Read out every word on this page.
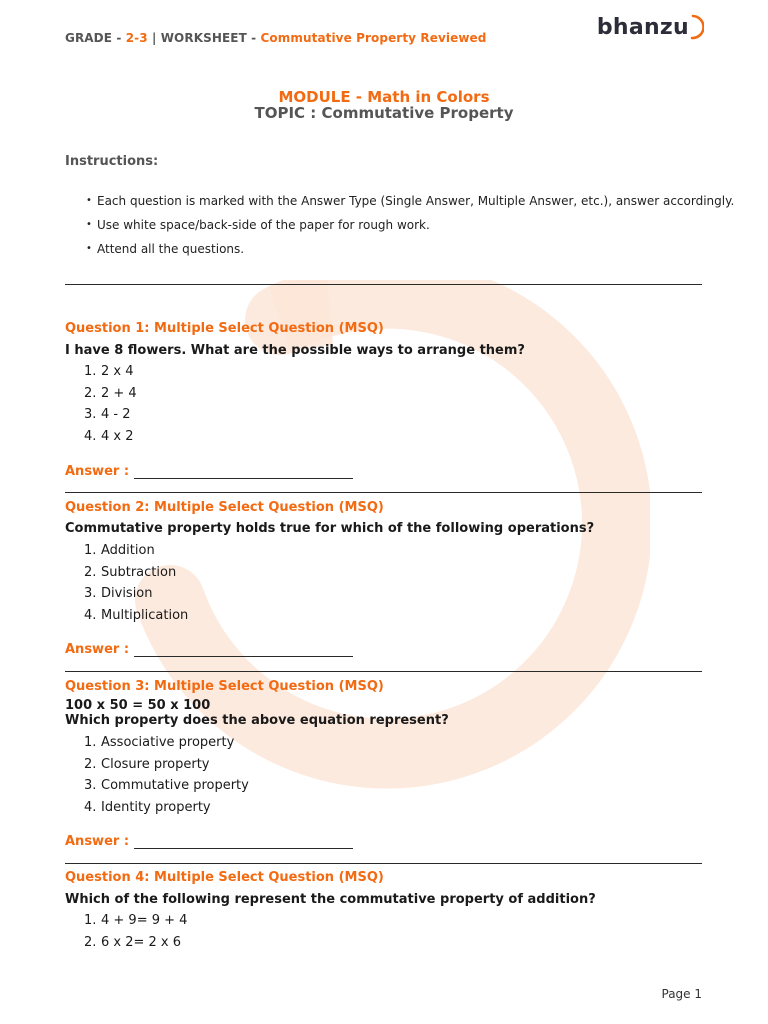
GRADE - 2-3 | WORKSHEET - Commutative Property Reviewed	bhanzu
MODULE - Math in Colors
TOPIC : Commutative Property
Instructions:
• Each question is marked with the Answer Type (Single Answer, Multiple Answer, etc.), answer accordingly.
• Use white space/back-side of the paper for rough work.
• Attend all the questions.
Question 1: Multiple Select Question (MSQ)
I have 8 flowers. What are the possible ways to arrange them?
1. 2 x 4
2. 2 + 4
3. 4 - 2
4. 4 x 2
Answer :
Question 2: Multiple Select Question (MSQ)
Commutative property holds true for which of the following operations?
1. Addition
2. Subtraction
3. Division
4. Multiplication
Answer :
Question 3: Multiple Select Question (MSQ)
100 x 50 = 50 x 100
Which property does the above equation represent?
1. Associative property
2. Closure property
3. Commutative property
4. Identity property
Answer :
Question 4: Multiple Select Question (MSQ)
Which of the following represent the commutative property of addition?
1. 4 + 9= 9 + 4
2. 6 x 2= 2 x 6
Page 1
